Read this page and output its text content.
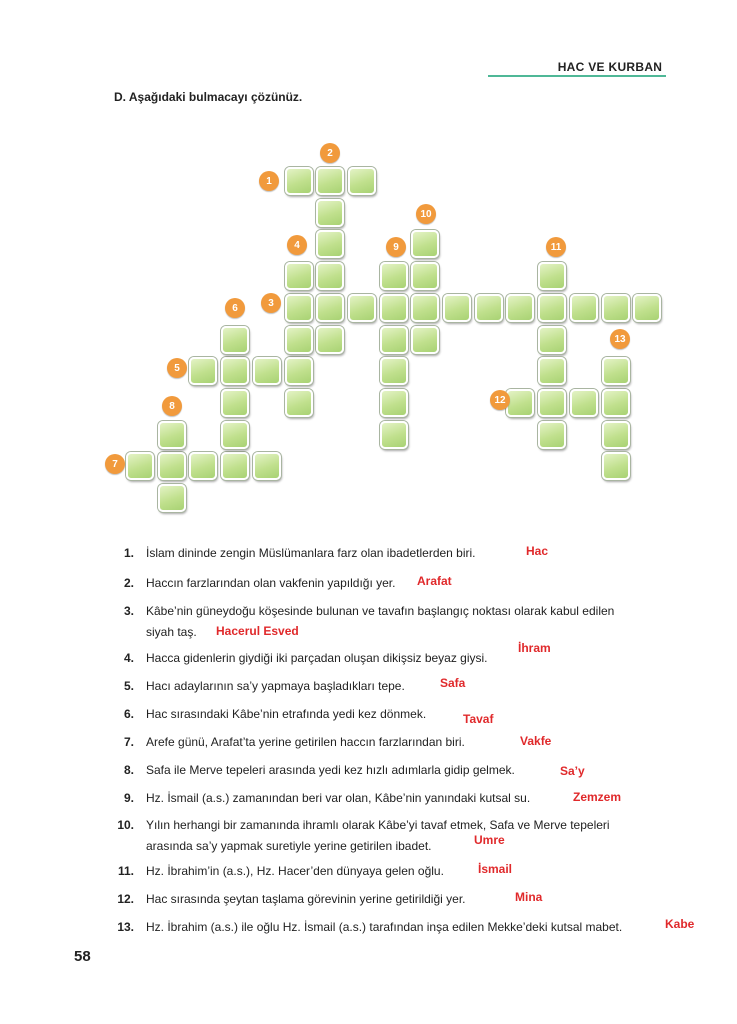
HAC VE KURBAN
D. Aşağıdaki bulmacayı çözünüz.
1
2
3
4
5
6
7
8
9
10
11
12
13
1. İslam dininde zengin Müslümanlara farz olan ibadetlerden biri.	Hac
2. Haccın farzlarından olan vakfenin yapıldığı yer.	Arafat
3. Kâbe’nin güneydoğu köşesinde bulunan ve tavafın başlangıç noktası olarak kabul edilen
siyah taş.	Hacerul Esved
4. Hacca gidenlerin giydiği iki parçadan oluşan dikişsiz beyaz giysi.
İhram
5. Hacı adaylarının sa’y yapmaya başladıkları tepe.	Safa
6. Hac sırasındaki Kâbe’nin etrafında yedi kez dönmek.	Tavaf
7. Arefe günü, Arafat’ta yerine getirilen haccın farzlarından biri.	Vakfe
8. Safa ile Merve tepeleri arasında yedi kez hızlı adımlarla gidip gelmek.	Sa’y
9. Hz. İsmail (a.s.) zamanından beri var olan, Kâbe’nin yanındaki kutsal su.	Zemzem
10. Yılın herhangi bir zamanında ihramlı olarak Kâbe’yi tavaf etmek, Safa ve Merve tepeleri
arasında sa’y yapmak suretiyle yerine getirilen ibadet.	Umre
11. Hz. İbrahim’in (a.s.), Hz. Hacer’den dünyaya gelen oğlu.	İsmail
12. Hac sırasında şeytan taşlama görevinin yerine getirildiği yer.	Mina
13. Hz. İbrahim (a.s.) ile oğlu Hz. İsmail (a.s.) tarafından inşa edilen Mekke’deki kutsal mabet.	Kabe
58
